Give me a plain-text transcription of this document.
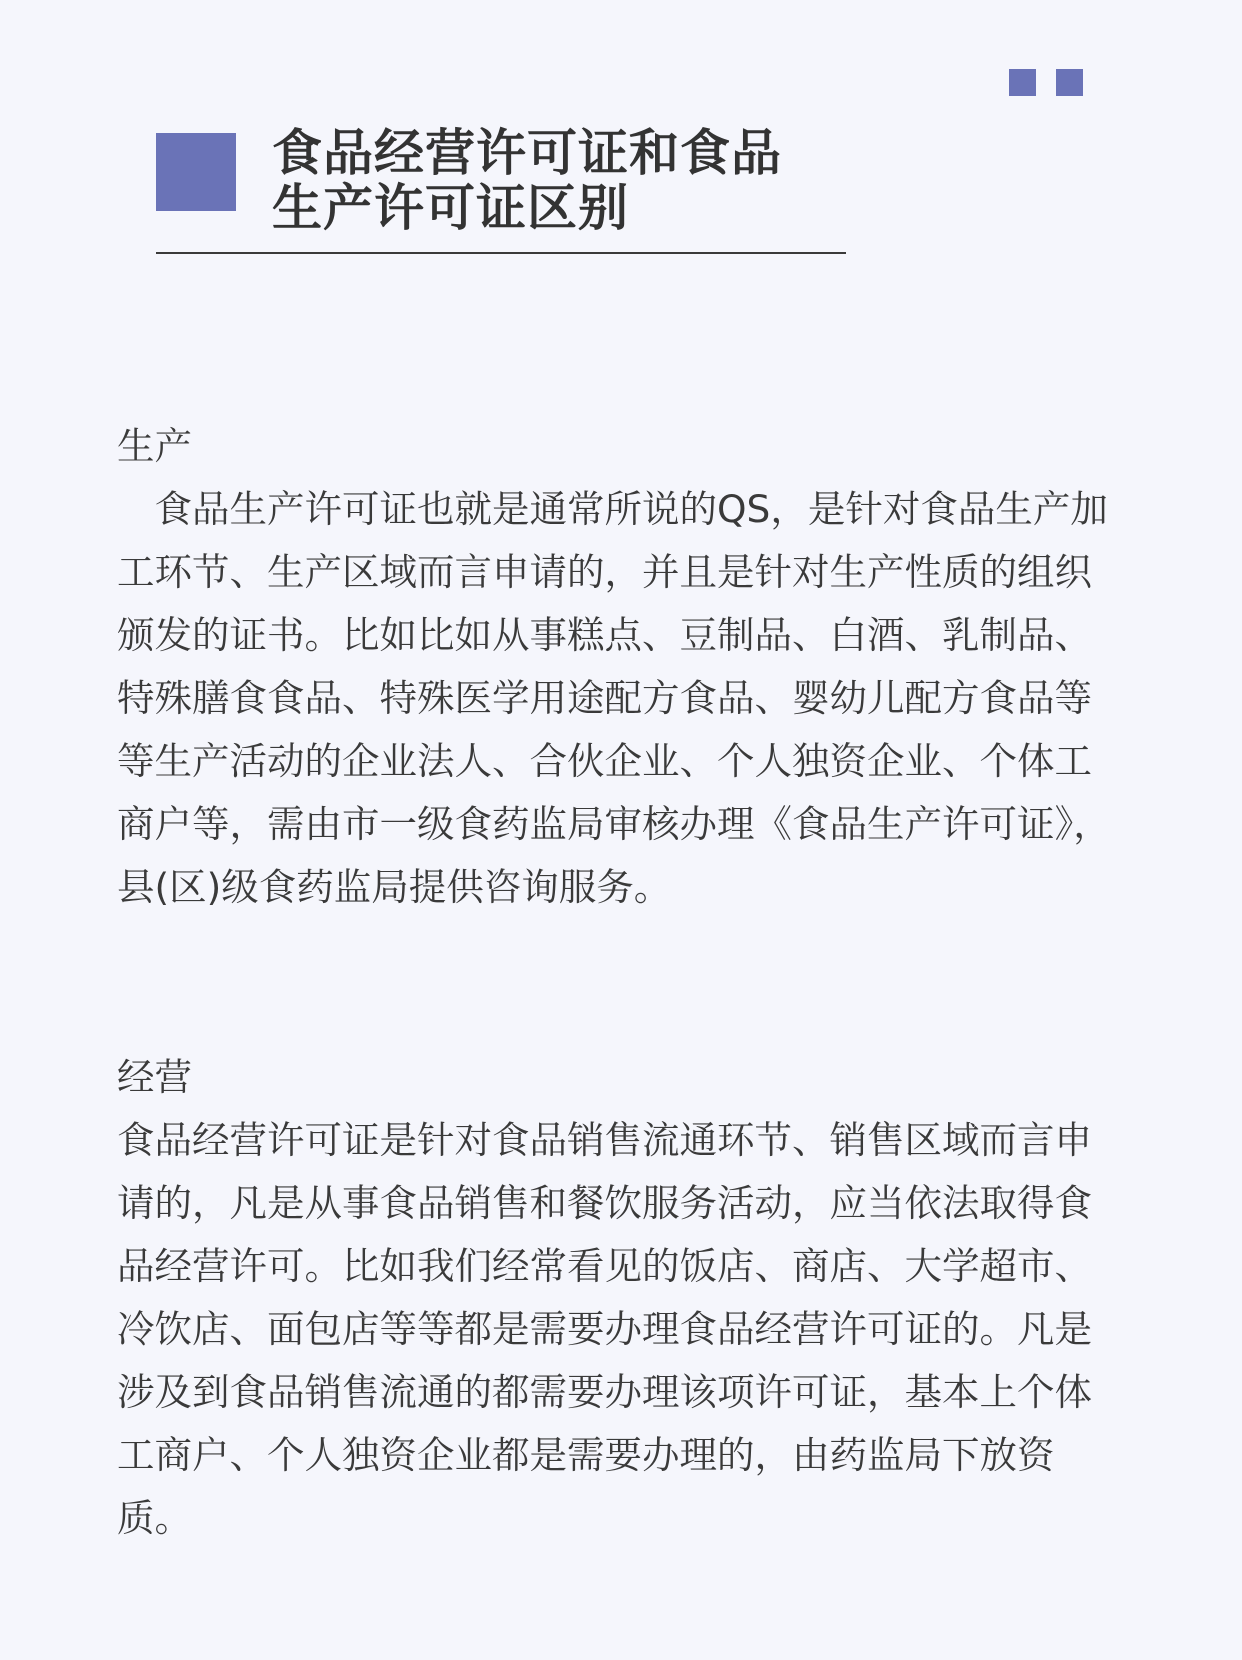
食品经营许可证和食品
生产许可证区别
生产
食品生产许可证也就是通常所说的QS，是针对食品生产加工环节、生产区域而言申请的，并且是针对生产性质的组织颁发的证书。比如比如从事糕点、豆制品、白酒、乳制品、特殊膳食食品、特殊医学用途配方食品、婴幼儿配方食品等等生产活动的企业法人、合伙企业、个人独资企业、个体工商户等，需由市一级食药监局审核办理《食品生产许可证》，县(区)级食药监局提供咨询服务。
经营
食品经营许可证是针对食品销售流通环节、销售区域而言申请的，凡是从事食品销售和餐饮服务活动，应当依法取得食品经营许可。比如我们经常看见的饭店、商店、大学超市、冷饮店、面包店等等都是需要办理食品经营许可证的。凡是涉及到食品销售流通的都需要办理该项许可证，基本上个体工商户、个人独资企业都是需要办理的，由药监局下放资质。
